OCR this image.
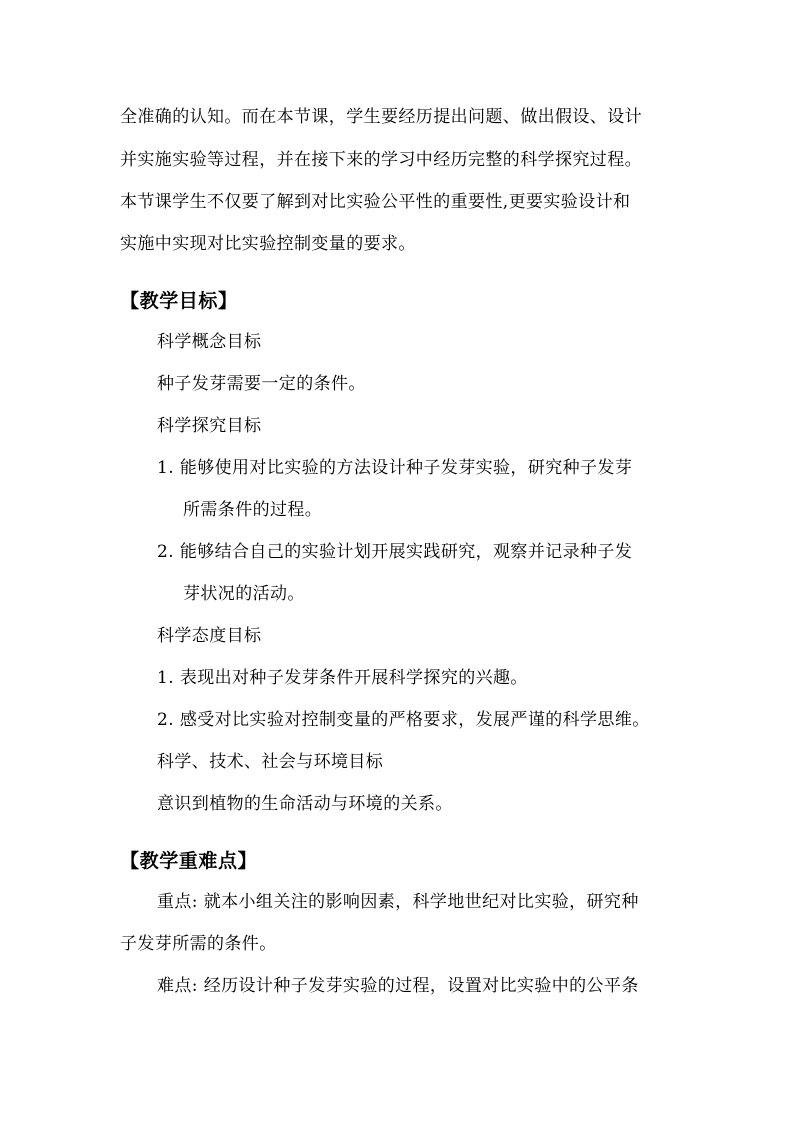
全准确的认知。而在本节课，学生要经历提出问题、做出假设、设计
并实施实验等过程，并在接下来的学习中经历完整的科学探究过程。
本节课学生不仅要了解到对比实验公平性的重要性,更要实验设计和
实施中实现对比实验控制变量的要求。
【教学目标】
科学概念目标
种子发芽需要一定的条件。
科学探究目标
1. 能够使用对比实验的方法设计种子发芽实验，研究种子发芽
所需条件的过程。
2. 能够结合自己的实验计划开展实践研究，观察并记录种子发
芽状况的活动。
科学态度目标
1. 表现出对种子发芽条件开展科学探究的兴趣。
2. 感受对比实验对控制变量的严格要求，发展严谨的科学思维。
科学、技术、社会与环境目标
意识到植物的生命活动与环境的关系。
【教学重难点】
重点: 就本小组关注的影响因素，科学地世纪对比实验，研究种
子发芽所需的条件。
难点: 经历设计种子发芽实验的过程，设置对比实验中的公平条
